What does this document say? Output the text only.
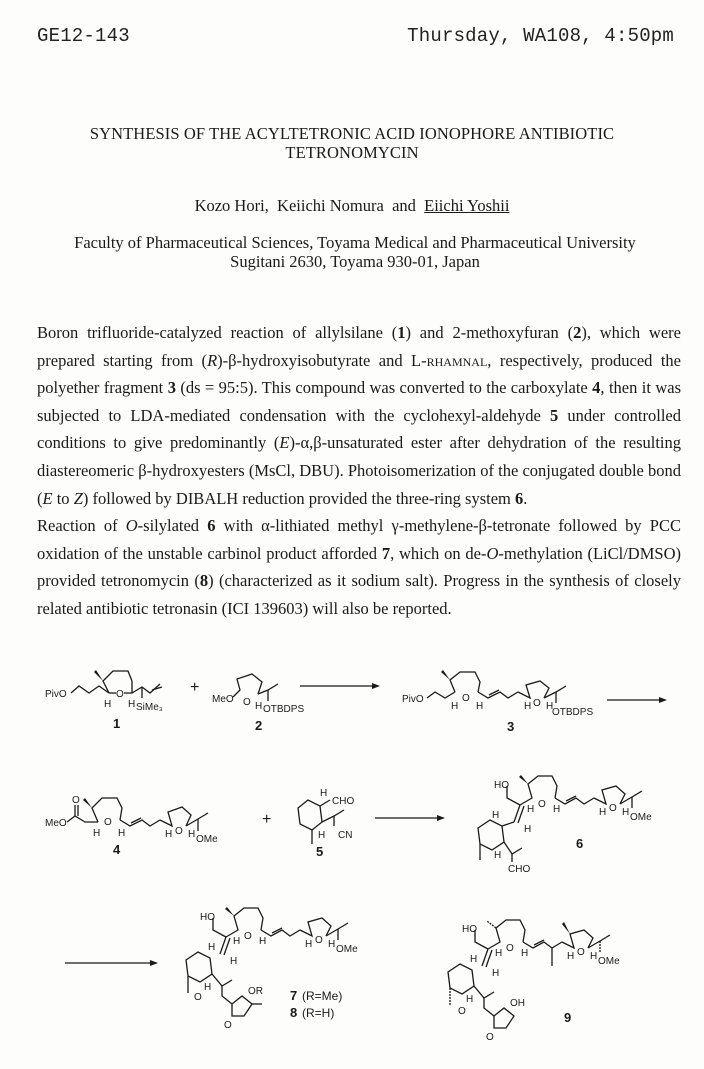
GE12-143	Thursday, WA108, 4:50pm
SYNTHESIS OF THE ACYLTETRONIC ACID IONOPHORE ANTIBIOTIC
TETRONOMYCIN
Kozo Hori, Keiichi Nomura and Eiichi Yoshii
Faculty of Pharmaceutical Sciences, Toyama Medical and Pharmaceutical University
Sugitani 2630, Toyama 930-01, Japan

Boron trifluoride-catalyzed reaction of allylsilane (1) and 2-methoxyfuran (2), which were prepared starting from (R)-β-hydroxyisobutyrate and L-rhamnal, respectively, produced the polyether fragment 3 (ds = 95:5). This compound was converted to the carboxylate 4, then it was subjected to LDA-mediated condensation with the cyclohexyl-aldehyde 5 under controlled conditions to give predominantly (E)-α,β-unsaturated ester after dehydration of the resulting diastereomeric β-hydroxyesters (MsCl, DBU). Photoisomerization of the conjugated double bond (E to Z) followed by DIBALH reduction provided the three-ring system 6.

Reaction of O-silylated 6 with α-lithiated methyl γ-methylene-β-tetronate followed by PCC oxidation of the unstable carbinol product afforded 7, which on de-O-methylation (LiCl/DMSO) provided tetronomycin (8) (characterized as it sodium salt). Progress in the synthesis of closely related antibiotic tetronasin (ICI 139603) will also be reported.

PivO	O
H H SiMe₃
1
+
MeO O H OTBDPS
2
PivO	O
H H	O
H H
OTBDPS
3
MeO
O
O
H H	O
H H OMe
4
+
H
CHO
CN
H
5
HO
O
H H	O
H H OMe
H
H
H
CHO
6
HO
O
H H	O
H H OMe
H
H
H
O
OR
O
7 (R=Me)
8 (R=H)
HO
O
H H	O
H H OMe
H
H
H
O
OH
O
9
